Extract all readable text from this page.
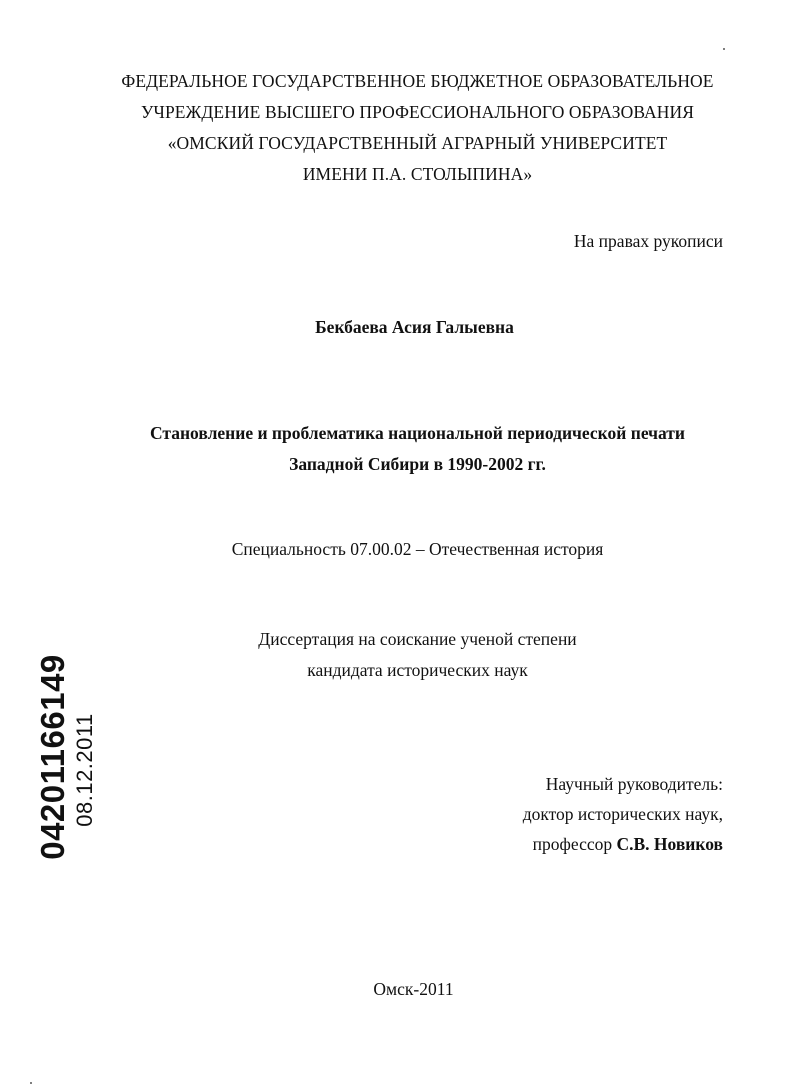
ФЕДЕРАЛЬНОЕ ГОСУДАРСТВЕННОЕ БЮДЖЕТНОЕ ОБРАЗОВАТЕЛЬНОЕ
УЧРЕЖДЕНИЕ ВЫСШЕГО ПРОФЕССИОНАЛЬНОГО ОБРАЗОВАНИЯ
«ОМСКИЙ ГОСУДАРСТВЕННЫЙ АГРАРНЫЙ УНИВЕРСИТЕТ
ИМЕНИ П.А. СТОЛЫПИНА»
На правах рукописи
Бекбаева Асия Галыевна
Становление и проблематика национальной периодической печати
Западной Сибири в 1990-2002 гг.
Специальность 07.00.02 – Отечественная история
Диссертация на соискание ученой степени
кандидата исторических наук
Научный руководитель:
доктор исторических наук,
профессор С.В. Новиков
Омск-2011
04201166149 08.12.2011
